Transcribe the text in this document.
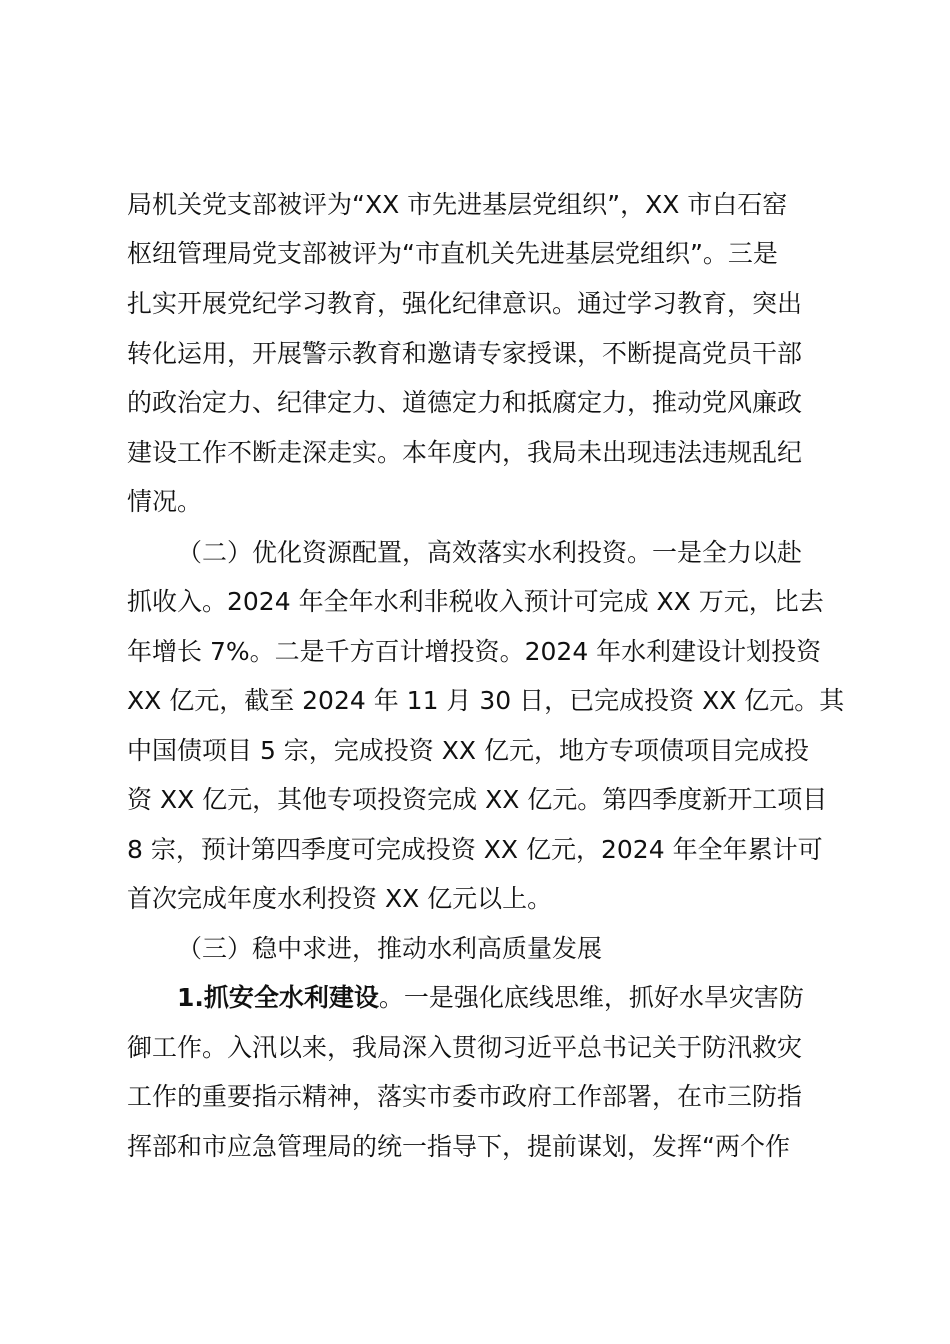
局机关党支部被评为“XX 市先进基层党组织”，XX 市白石窑
枢纽管理局党支部被评为“市直机关先进基层党组织”。三是
扎实开展党纪学习教育，强化纪律意识。通过学习教育，突出
转化运用，开展警示教育和邀请专家授课，不断提高党员干部
的政治定力、纪律定力、道德定力和抵腐定力，推动党风廉政
建设工作不断走深走实。本年度内，我局未出现违法违规乱纪
情况。
（二）优化资源配置，高效落实水利投资。一是全力以赴
抓收入。2024 年全年水利非税收入预计可完成 XX 万元，比去
年增长 7%。二是千方百计增投资。2024 年水利建设计划投资
XX 亿元，截至 2024 年 11 月 30 日，已完成投资 XX 亿元。其
中国债项目 5 宗，完成投资 XX 亿元，地方专项债项目完成投
资 XX 亿元，其他专项投资完成 XX 亿元。第四季度新开工项目
8 宗，预计第四季度可完成投资 XX 亿元，2024 年全年累计可
首次完成年度水利投资 XX 亿元以上。
（三）稳中求进，推动水利高质量发展
1.抓安全水利建设。一是强化底线思维，抓好水旱灾害防
御工作。入汛以来，我局深入贯彻习近平总书记关于防汛救灾
工作的重要指示精神，落实市委市政府工作部署，在市三防指
挥部和市应急管理局的统一指导下，提前谋划，发挥“两个作
